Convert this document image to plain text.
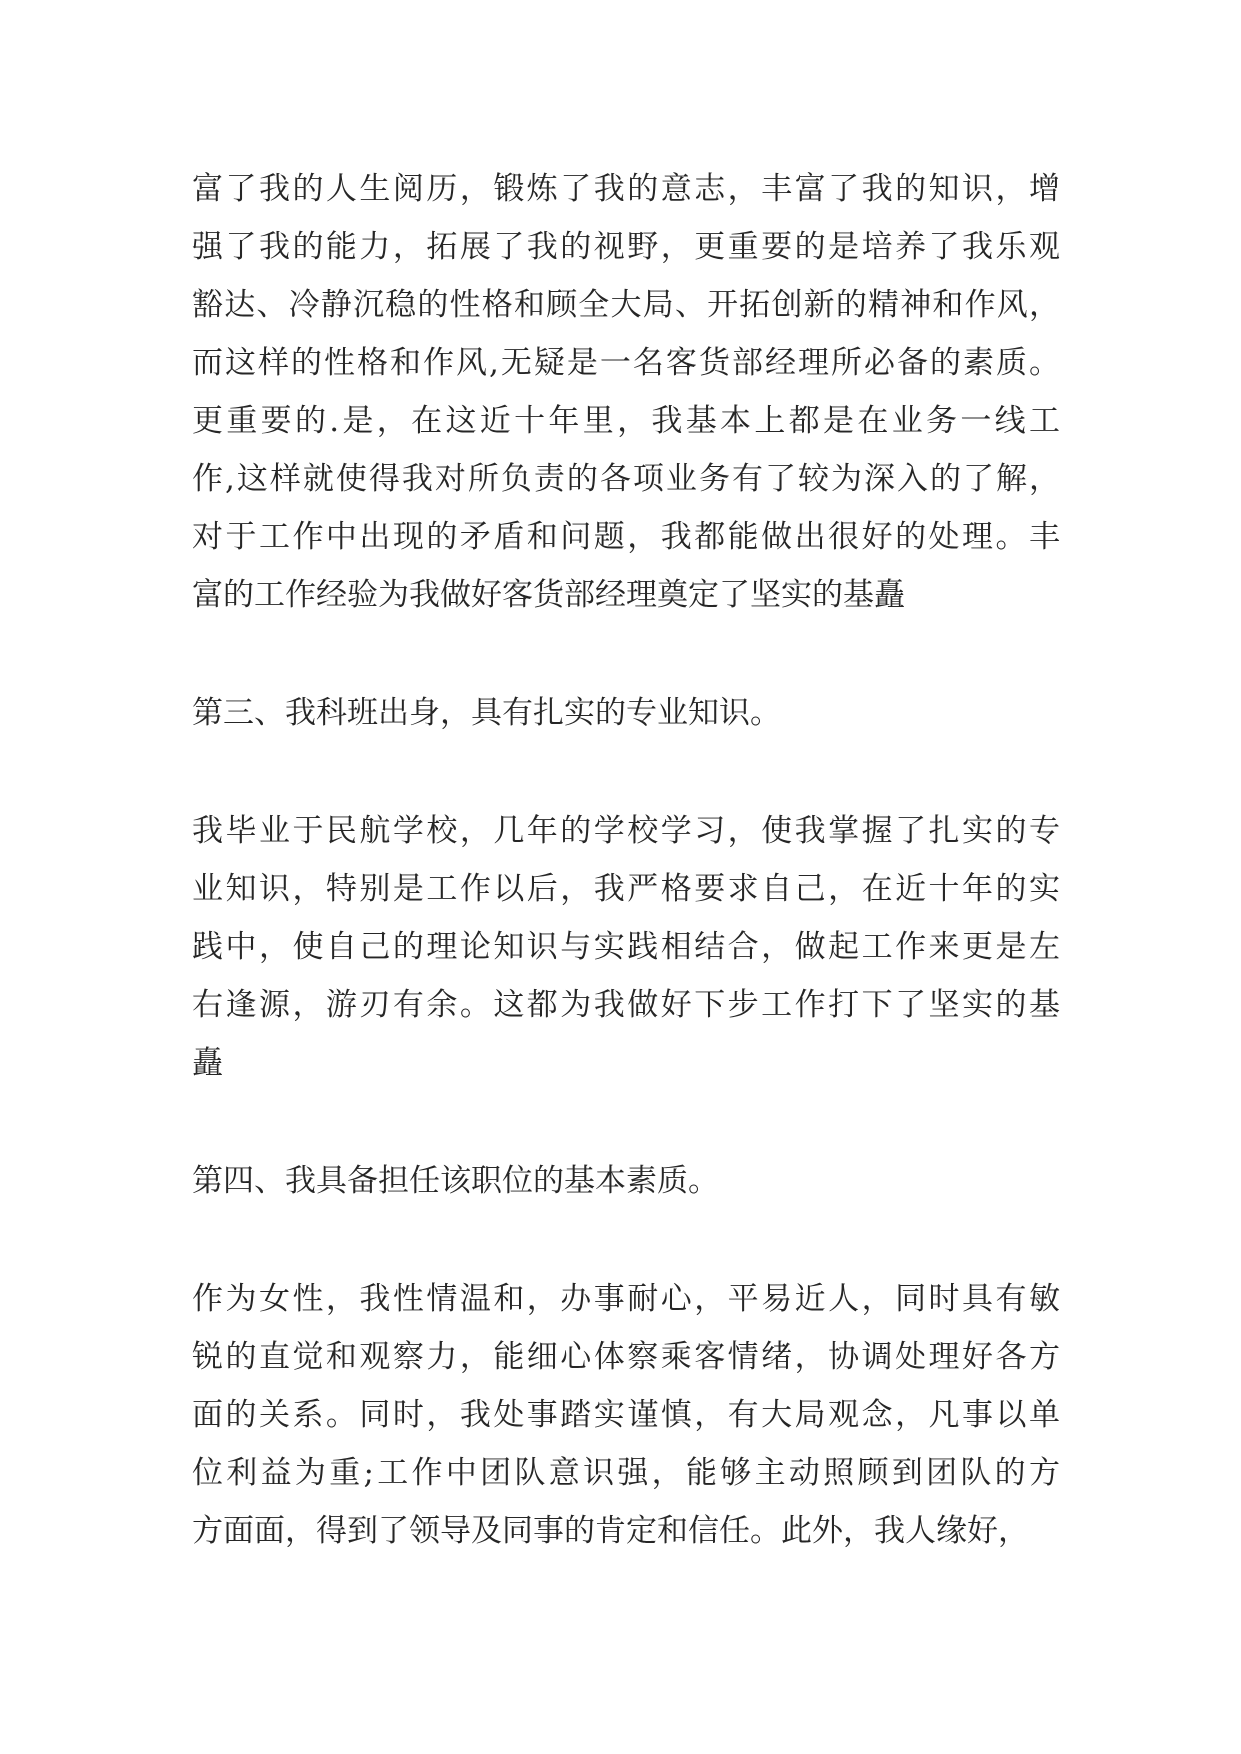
富了我的人生阅历，锻炼了我的意志，丰富了我的知识，增
强了我的能力，拓展了我的视野，更重要的是培养了我乐观
豁达、冷静沉稳的性格和顾全大局、开拓创新的精神和作风，
而这样的性格和作风,无疑是一名客货部经理所必备的素质。
更重要的.是，在这近十年里，我基本上都是在业务一线工
作,这样就使得我对所负责的各项业务有了较为深入的了解，
对于工作中出现的矛盾和问题，我都能做出很好的处理。丰
富的工作经验为我做好客货部经理奠定了坚实的基矗
第三、我科班出身，具有扎实的专业知识。
我毕业于民航学校，几年的学校学习，使我掌握了扎实的专
业知识，特别是工作以后，我严格要求自己，在近十年的实
践中，使自己的理论知识与实践相结合，做起工作来更是左
右逢源，游刃有余。这都为我做好下步工作打下了坚实的基
矗
第四、我具备担任该职位的基本素质。
作为女性，我性情温和，办事耐心，平易近人，同时具有敏
锐的直觉和观察力，能细心体察乘客情绪，协调处理好各方
面的关系。同时，我处事踏实谨慎，有大局观念，凡事以单
位利益为重;工作中团队意识强，能够主动照顾到团队的方
方面面，得到了领导及同事的肯定和信任。此外，我人缘好，
